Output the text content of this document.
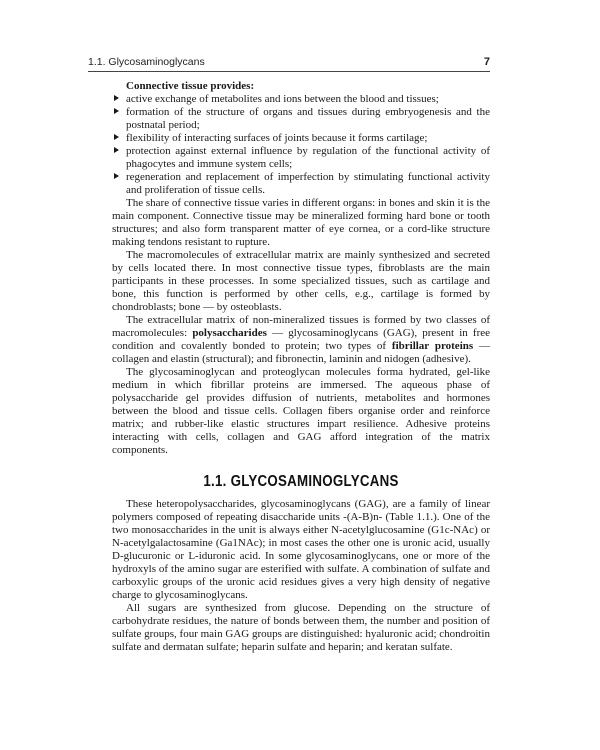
1.1. Glycosaminoglycans	7

Connective tissue provides:

active exchange of metabolites and ions between the blood and tissues;
formation of the structure of organs and tissues during embryogenesis and the postnatal period;
flexibility of interacting surfaces of joints because it forms cartilage;
protection against external influence by regulation of the functional activity of phagocytes and immune system cells;
regeneration and replacement of imperfection by stimulating functional activity and proliferation of tissue cells.

The share of connective tissue varies in different organs: in bones and skin it is the main component. Connective tissue may be mineralized forming hard bone or tooth structures; and also form transparent matter of eye cornea, or a cord-like structure making tendons resistant to rupture.

The macromolecules of extracellular matrix are mainly synthesized and secreted by cells located there. In most connective tissue types, fibroblasts are the main participants in these processes. In some specialized tissues, such as cartilage and bone, this function is performed by other cells, e.g., cartilage is formed by chondroblasts; bone — by osteoblasts.

The extracellular matrix of non-mineralized tissues is formed by two classes of macromolecules: polysaccharides — glycosaminoglycans (GAG), present in free condition and covalently bonded to protein; two types of fibrillar proteins — collagen and elastin (structural); and fibronectin, laminin and nidogen (adhesive).

The glycosaminoglycan and proteoglycan molecules forma hydrated, gel-like medium in which fibrillar proteins are immersed. The aqueous phase of polysaccharide gel provides diffusion of nutrients, metabolites and hormones between the blood and tissue cells. Collagen fibers organise order and reinforce matrix; and rubber-like elastic structures impart resilience. Adhesive proteins interacting with cells, collagen and GAG afford integration of the matrix components.

1.1. GLYCOSAMINOGLYCANS

These heteropolysaccharides, glycosaminoglycans (GAG), are a family of linear polymers composed of repeating disaccharide units -(A-B)n- (Table 1.1.). One of the two monosaccharides in the unit is always either N-acetylglucosamine (G1c-NAc) or N-acetylgalactosamine (Ga1NAc); in most cases the other one is uronic acid, usually D-glucuronic or L-iduronic acid. In some glycosaminoglycans, one or more of the hydroxyls of the amino sugar are esterified with sulfate. A combination of sulfate and carboxylic groups of the uronic acid residues gives a very high density of negative charge to glycosaminoglycans.

All sugars are synthesized from glucose. Depending on the structure of carbohydrate residues, the nature of bonds between them, the number and position of sulfate groups, four main GAG groups are distinguished: hyaluronic acid; chondroitin sulfate and dermatan sulfate; heparin sulfate and heparin; and keratan sulfate.
